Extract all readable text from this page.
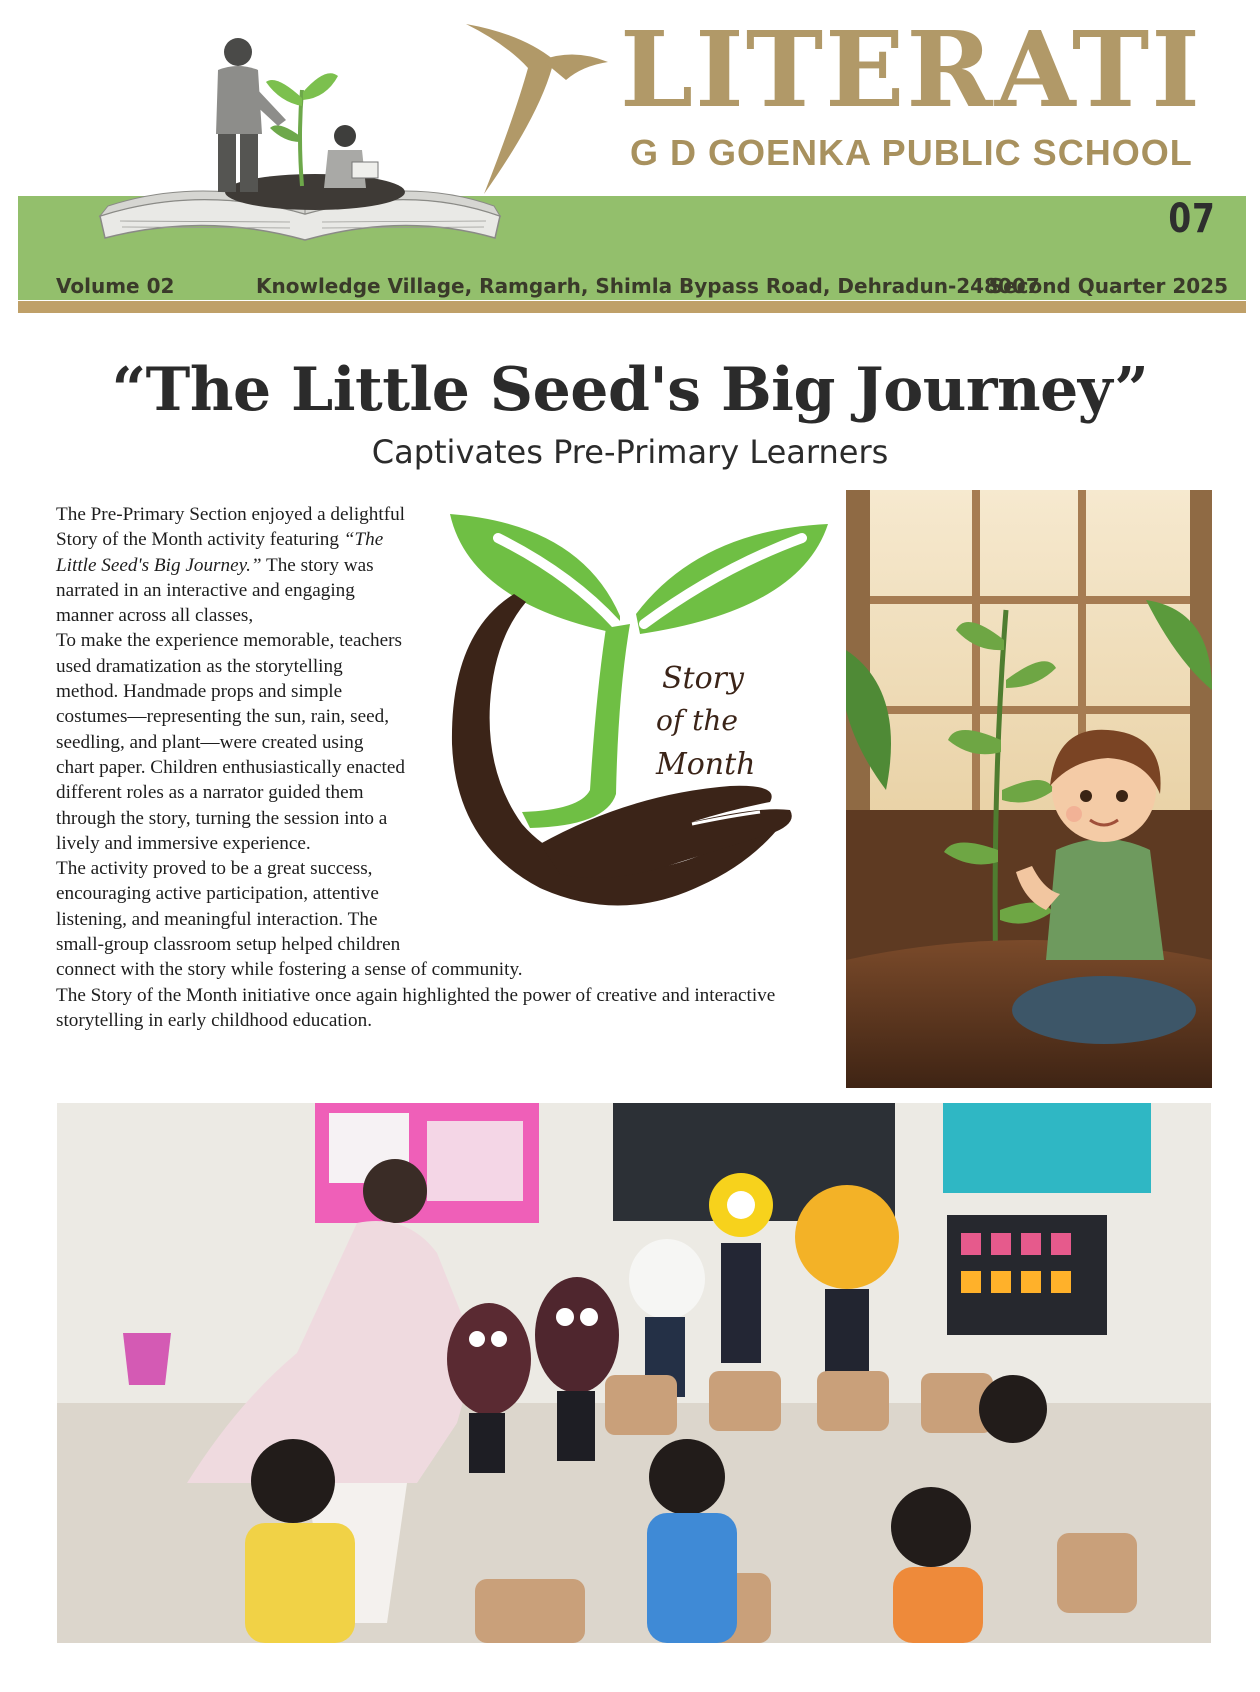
LITERATI
G D GOENKA PUBLIC SCHOOL
07
Volume 02	Knowledge Village, Ramgarh, Shimla Bypass Road, Dehradun-248007
Second Quarter 2025
“The Little Seed's Big Journey”
Captivates Pre-Primary Learners

The Pre-Primary Section enjoyed a delightful Story of the Month activity featuring “The Little Seed's Big Journey.” The story was narrated in an interactive and engaging manner across all classes,

To make the experience memorable, teachers used dramatization as the storytelling method. Handmade props and simple costumes—representing the sun, rain, seed, seedling, and plant—were created using chart paper. Children enthusiastically enacted different roles as a narrator guided them through the story, turning the session into a lively and immersive experience.

The activity proved to be a great success, encouraging active participation, attentive listening, and meaningful interaction. The small-group classroom setup helped children connect with the story while fostering a sense of community.

The Story of the Month initiative once again highlighted the power of creative and interactive storytelling in early childhood education.

Story
of the
Month
